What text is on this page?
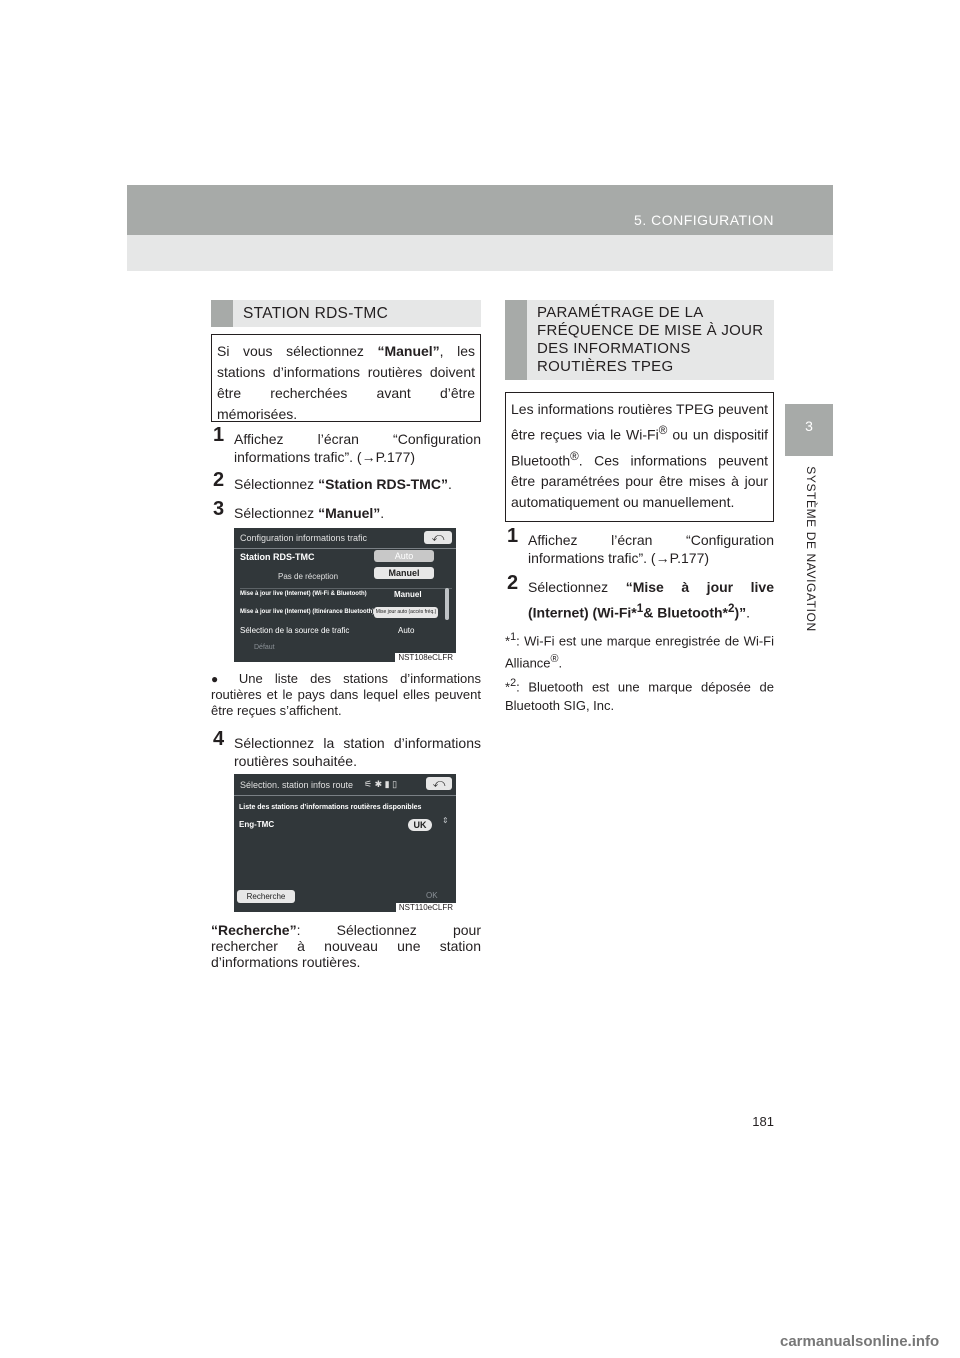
5. CONFIGURATION
3
SYSTÈME DE NAVIGATION
STATION RDS-TMC
Si vous sélectionnez “Manuel”, les stations d’informations routières doivent être recherchées avant d’être mémorisées.
1 Affichez l’écran “Configuration informations trafic”. (→P.177)
2 Sélectionnez “Station RDS-TMC”.
3 Sélectionnez “Manuel”.
Configuration informations trafic	⤺
Station RDS-TMC	Auto
Pas de réception	Manuel
Mise à jour live (Internet) (Wi-Fi & Bluetooth)	Manuel
Mise à jour live (Internet) (Itinérance Bluetooth) Mise jour auto (accès fréq.)
Sélection de la source de trafic	Auto
Défaut
NST108eCLFR
● Une liste des stations d’informations routières et le pays dans lequel elles peuvent être reçues s’affichent.
4 Sélectionnez la station d’informations routières souhaitée.
Sélection. station infos route ⚟ ✱ ▮ ▯	⤺
Liste des stations d’informations routières disponibles
Eng-TMC	UK	⇕
Recherche	OK
NST110eCLFR
“Recherche”: Sélectionnez pour rechercher à nouveau une station d’informations routières.
PARAMÉTRAGE DE LA
FRÉQUENCE DE MISE À JOUR
DES INFORMATIONS
ROUTIÈRES TPEG
Les informations routières TPEG peuvent être reçues via le Wi-Fi® ou un dispositif Bluetooth®. Ces informations peuvent être paramétrées pour être mises à jour automatiquement ou manuellement.
1 Affichez l’écran “Configuration informations trafic”. (→P.177)
2 Sélectionnez “Mise à jour live (Internet) (Wi-Fi*$^1$& Bluetooth*$^2$)”.
*$^1$: Wi-Fi est une marque enregistrée de Wi-Fi Alliance®.
*$^2$: Bluetooth est une marque déposée de Bluetooth SIG, Inc.
181
carmanualsonline.info
